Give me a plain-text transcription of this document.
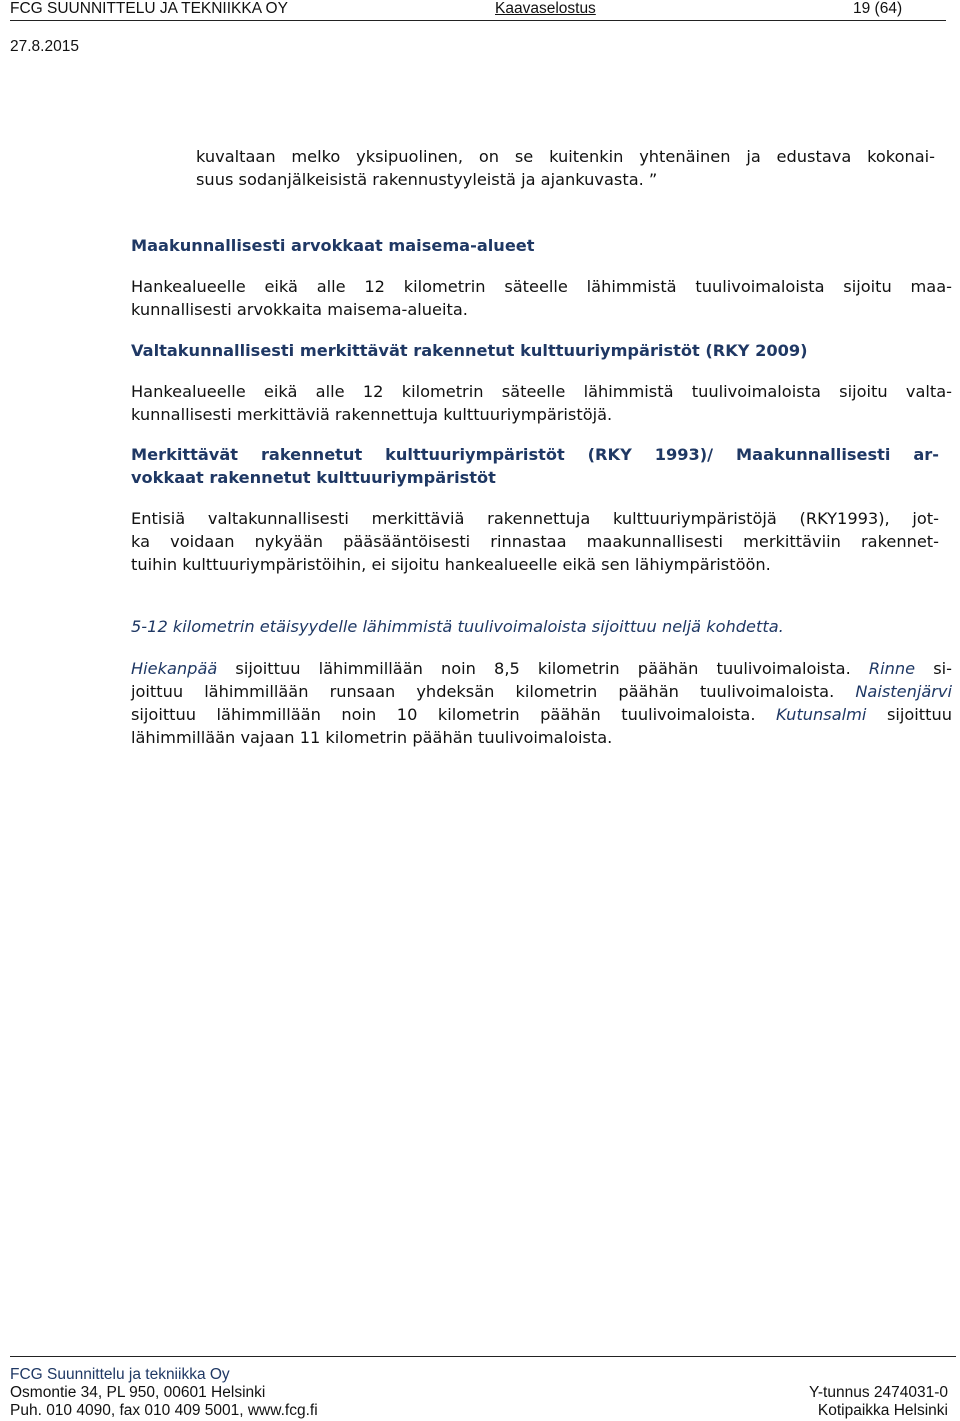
FCG SUUNNITTELU JA TEKNIIKKA OY	Kaavaselostus	19 (64)
27.8.2015
kuvaltaan melko yksipuolinen, on se kuitenkin yhtenäinen ja edustava kokonai-
suus sodanjälkeisistä rakennustyyleistä ja ajankuvasta. ”
Maakunnallisesti arvokkaat maisema-alueet
Hankealueelle eikä alle 12 kilometrin säteelle lähimmistä tuulivoimaloista sijoitu maa-
kunnallisesti arvokkaita maisema-alueita.
Valtakunnallisesti merkittävät rakennetut kulttuuriympäristöt (RKY 2009)
Hankealueelle eikä alle 12 kilometrin säteelle lähimmistä tuulivoimaloista sijoitu valta-
kunnallisesti merkittäviä rakennettuja kulttuuriympäristöjä.
Merkittävät rakennetut kulttuuriympäristöt (RKY 1993)/ Maakunnallisesti ar-
vokkaat rakennetut kulttuuriympäristöt
Entisiä valtakunnallisesti merkittäviä rakennettuja kulttuuriympäristöjä (RKY1993), jot-
ka voidaan nykyään pääsääntöisesti rinnastaa maakunnallisesti merkittäviin rakennet-
tuihin kulttuuriympäristöihin, ei sijoitu hankealueelle eikä sen lähiympäristöön.
5-12 kilometrin etäisyydelle lähimmistä tuulivoimaloista sijoittuu neljä kohdetta.
Hiekanpää sijoittuu lähimmillään noin 8,5 kilometrin päähän tuulivoimaloista. Rinne si-
joittuu lähimmillään runsaan yhdeksän kilometrin päähän tuulivoimaloista. Naistenjärvi
sijoittuu lähimmillään noin 10 kilometrin päähän tuulivoimaloista. Kutunsalmi sijoittuu
lähimmillään vajaan 11 kilometrin päähän tuulivoimaloista.
FCG Suunnittelu ja tekniikka Oy
Osmontie 34, PL 950, 00601 Helsinki
Puh. 010 4090, fax 010 409 5001, www.fcg.fi
Y-tunnus 2474031-0
Kotipaikka Helsinki
